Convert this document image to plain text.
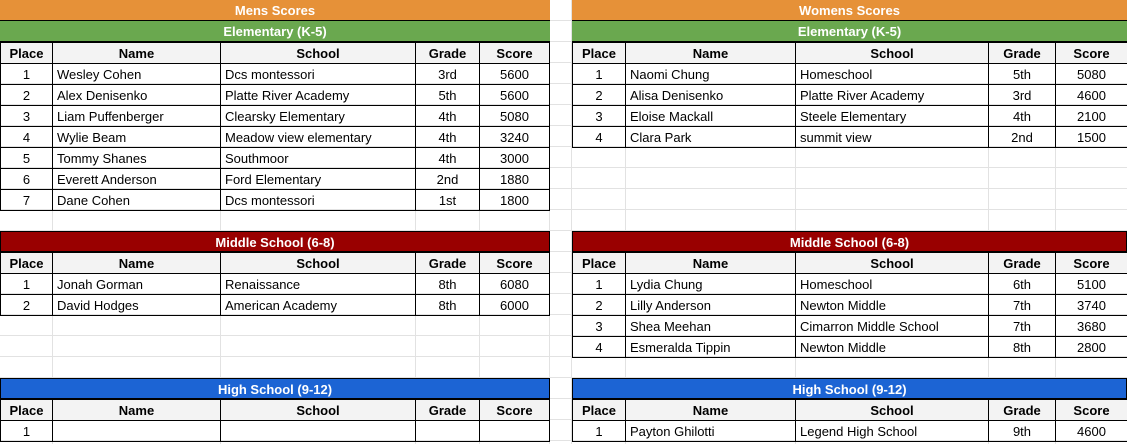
Mens Scores
Elementary (K-5)
Place	Name	School	Grade	Score
1	Wesley Cohen	Dcs montessori	3rd	5600
2	Alex Denisenko	Platte River Academy	5th	5600
3	Liam Puffenberger	Clearsky Elementary	4th	5080
4	Wylie Beam	Meadow view elementary	4th	3240
5	Tommy Shanes	Southmoor	4th	3000
6	Everett Anderson	Ford Elementary	2nd	1880
7	Dane Cohen	Dcs montessori	1st	1800
Middle School (6-8)
Place	Name	School	Grade	Score
1	Jonah Gorman	Renaissance	8th	6080
2	David Hodges	American Academy	8th	6000
High School (9-12)
Place	Name	School	Grade	Score
1				
Womens Scores
Elementary (K-5)
Place	Name	School	Grade	Score
1	Naomi Chung	Homeschool	5th	5080
2	Alisa Denisenko	Platte River Academy	3rd	4600
3	Eloise Mackall	Steele Elementary	4th	2100
4	Clara Park	summit view	2nd	1500
Middle School (6-8)
Place	Name	School	Grade	Score
1	Lydia Chung	Homeschool	6th	5100
2	Lilly Anderson	Newton Middle	7th	3740
3	Shea Meehan	Cimarron Middle School	7th	3680
4	Esmeralda Tippin	Newton Middle	8th	2800
High School (9-12)
Place	Name	School	Grade	Score
1	Payton Ghilotti	Legend High School	9th	4600
